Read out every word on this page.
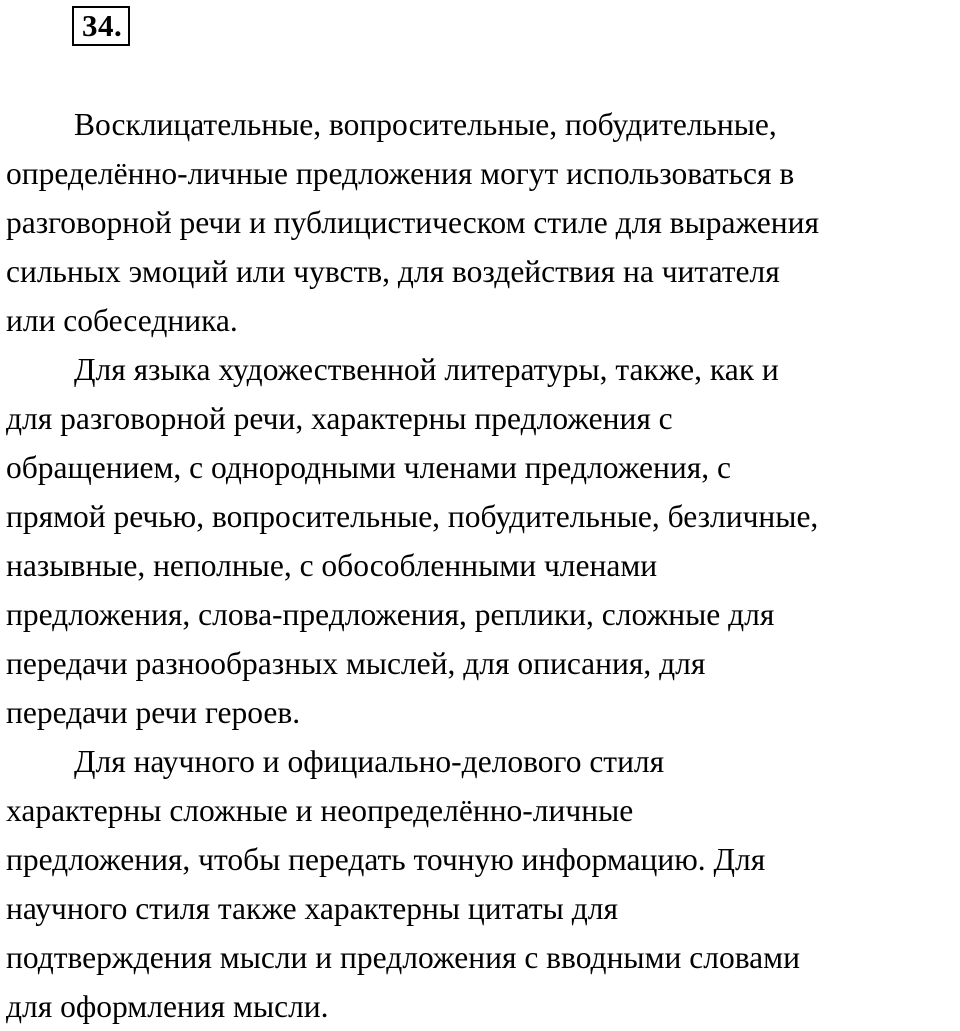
34.
Восклицательные, вопросительные, побудительные,
определённо-личные предложения могут использоваться в
разговорной речи и публицистическом стиле для выражения
сильных эмоций или чувств, для воздействия на читателя
или собеседника.
Для языка художественной литературы, также, как и
для разговорной речи, характерны предложения с
обращением, с однородными членами предложения, с
прямой речью, вопросительные, побудительные, безличные,
назывные, неполные, с обособленными членами
предложения, слова-предложения, реплики, сложные для
передачи разнообразных мыслей, для описания, для
передачи речи героев.
Для научного и официально-делового стиля
характерны сложные и неопределённо-личные
предложения, чтобы передать точную информацию. Для
научного стиля также характерны цитаты для
подтверждения мысли и предложения с вводными словами
для оформления мысли.
